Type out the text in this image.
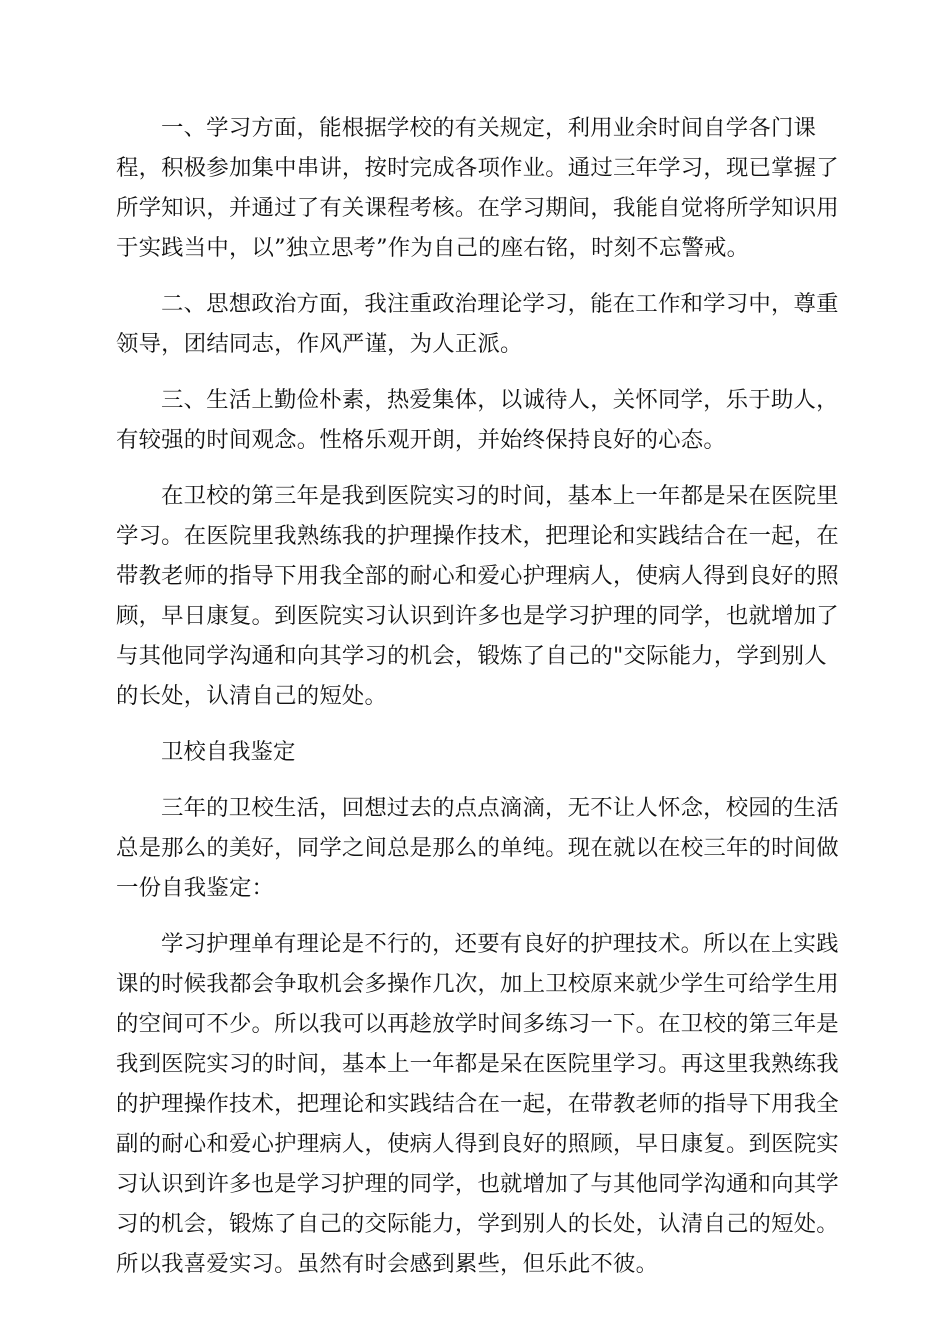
一、学习方面，能根据学校的有关规定，利用业余时间自学各门课
程，积极参加集中串讲，按时完成各项作业。通过三年学习，现已掌握了
所学知识，并通过了有关课程考核。在学习期间，我能自觉将所学知识用
于实践当中，以”独立思考”作为自己的座右铭，时刻不忘警戒。

二、思想政治方面，我注重政治理论学习，能在工作和学习中，尊重
领导，团结同志，作风严谨，为人正派。

三、生活上勤俭朴素，热爱集体，以诚待人，关怀同学，乐于助人，
有较强的时间观念。性格乐观开朗，并始终保持良好的心态。

在卫校的第三年是我到医院实习的时间，基本上一年都是呆在医院里
学习。在医院里我熟练我的护理操作技术，把理论和实践结合在一起，在
带教老师的指导下用我全部的耐心和爱心护理病人，使病人得到良好的照
顾，早日康复。到医院实习认识到许多也是学习护理的同学，也就增加了
与其他同学沟通和向其学习的机会，锻炼了自己的"交际能力，学到别人
的长处，认清自己的短处。

卫校自我鉴定

三年的卫校生活，回想过去的点点滴滴，无不让人怀念，校园的生活
总是那么的美好，同学之间总是那么的单纯。现在就以在校三年的时间做
一份自我鉴定：

学习护理单有理论是不行的，还要有良好的护理技术。所以在上实践
课的时候我都会争取机会多操作几次，加上卫校原来就少学生可给学生用
的空间可不少。所以我可以再趁放学时间多练习一下。在卫校的第三年是
我到医院实习的时间，基本上一年都是呆在医院里学习。再这里我熟练我
的护理操作技术，把理论和实践结合在一起，在带教老师的指导下用我全
副的耐心和爱心护理病人，使病人得到良好的照顾，早日康复。到医院实
习认识到许多也是学习护理的同学，也就增加了与其他同学沟通和向其学
习的机会，锻炼了自己的交际能力，学到别人的长处，认清自己的短处。
所以我喜爱实习。虽然有时会感到累些，但乐此不彼。
